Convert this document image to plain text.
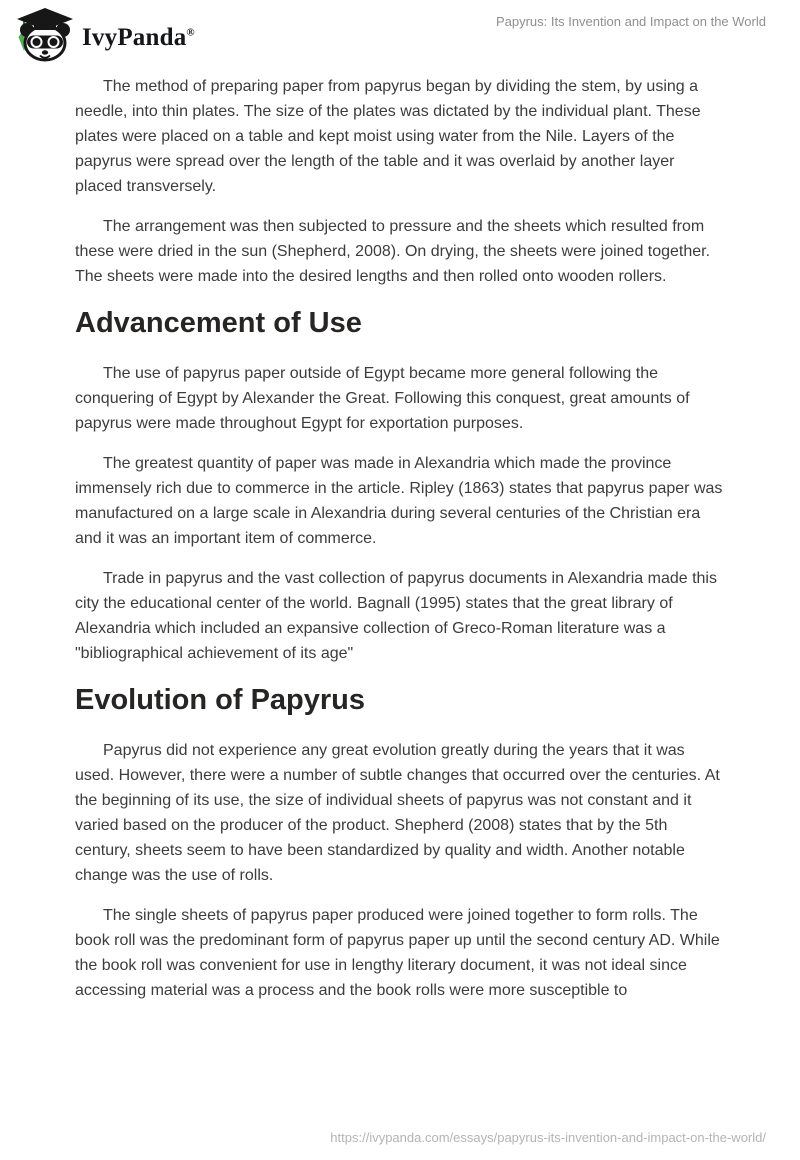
IvyPanda®
Papyrus: Its Invention and Impact on the World

The method of preparing paper from papyrus began by dividing the stem, by using a needle, into thin plates. The size of the plates was dictated by the individual plant. These plates were placed on a table and kept moist using water from the Nile. Layers of the papyrus were spread over the length of the table and it was overlaid by another layer placed transversely.

The arrangement was then subjected to pressure and the sheets which resulted from these were dried in the sun (Shepherd, 2008). On drying, the sheets were joined together. The sheets were made into the desired lengths and then rolled onto wooden rollers.

Advancement of Use

The use of papyrus paper outside of Egypt became more general following the conquering of Egypt by Alexander the Great. Following this conquest, great amounts of papyrus were made throughout Egypt for exportation purposes.

The greatest quantity of paper was made in Alexandria which made the province immensely rich due to commerce in the article. Ripley (1863) states that papyrus paper was manufactured on a large scale in Alexandria during several centuries of the Christian era and it was an important item of commerce.

Trade in papyrus and the vast collection of papyrus documents in Alexandria made this city the educational center of the world. Bagnall (1995) states that the great library of Alexandria which included an expansive collection of Greco-Roman literature was a "bibliographical achievement of its age"

Evolution of Papyrus

Papyrus did not experience any great evolution greatly during the years that it was used. However, there were a number of subtle changes that occurred over the centuries. At the beginning of its use, the size of individual sheets of papyrus was not constant and it varied based on the producer of the product. Shepherd (2008) states that by the 5th century, sheets seem to have been standardized by quality and width. Another notable change was the use of rolls.

The single sheets of papyrus paper produced were joined together to form rolls. The book roll was the predominant form of papyrus paper up until the second century AD. While the book roll was convenient for use in lengthy literary document, it was not ideal since accessing material was a process and the book rolls were more susceptible to

https://ivypanda.com/essays/papyrus-its-invention-and-impact-on-the-world/
